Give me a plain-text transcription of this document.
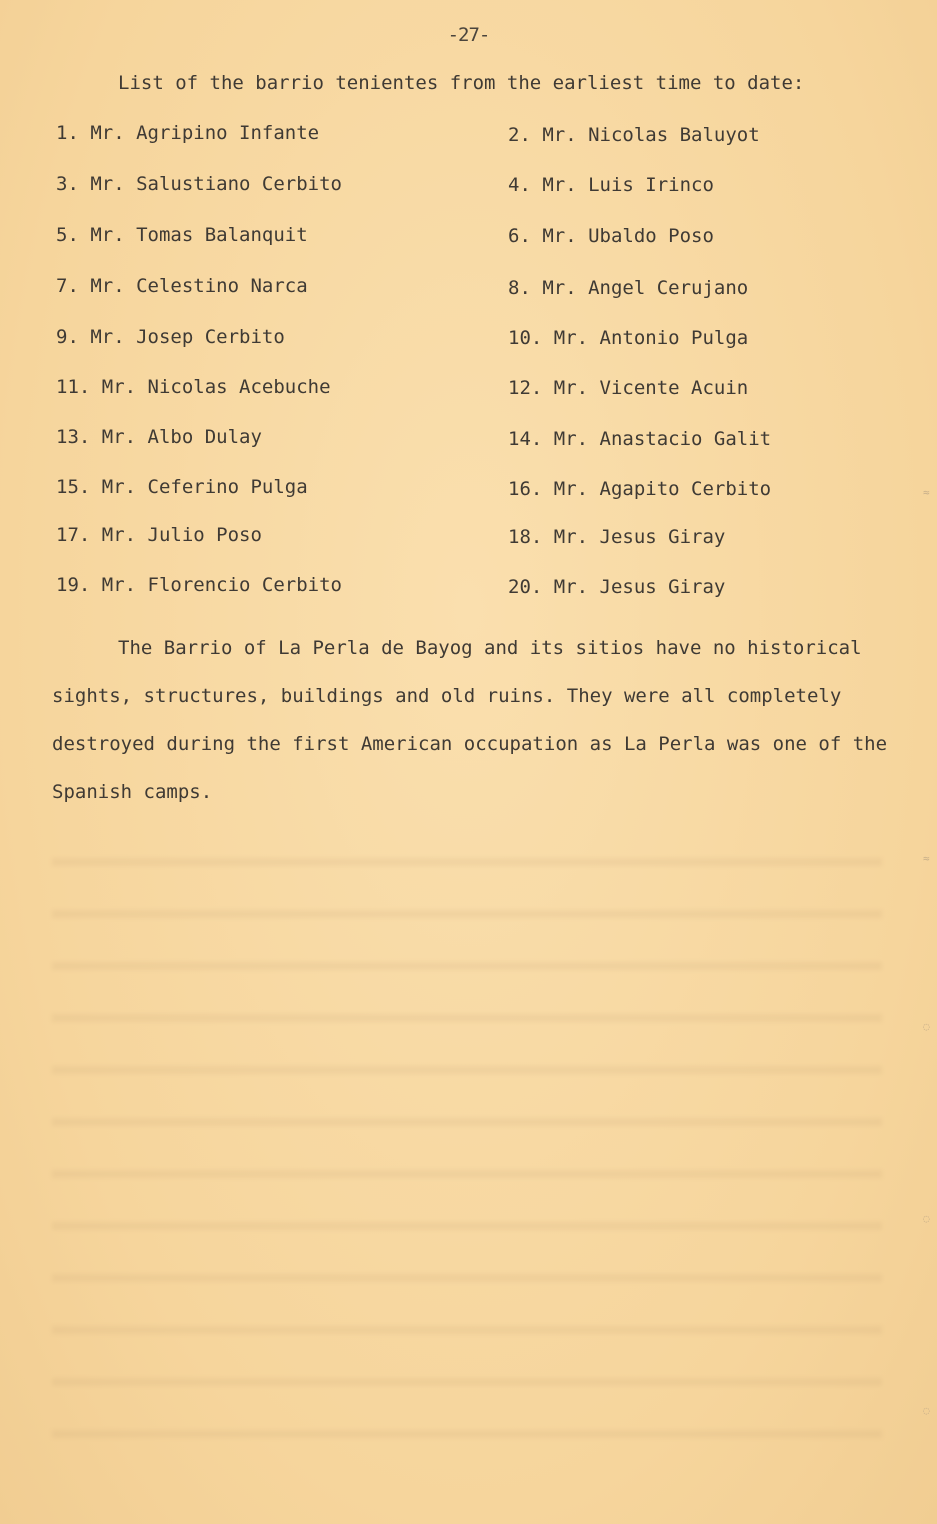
-27-
List of the barrio tenientes from the earliest time to date:
1. Mr. Agripino Infante	2. Mr. Nicolas Baluyot
3. Mr. Salustiano Cerbito	4. Mr. Luis Irinco
5. Mr. Tomas Balanquit	6. Mr. Ubaldo Poso
7. Mr. Celestino Narca	8. Mr. Angel Cerujano
9. Mr. Josep Cerbito	10. Mr. Antonio Pulga
11. Mr. Nicolas Acebuche	12. Mr. Vicente Acuin
13. Mr. Albo Dulay	14. Mr. Anastacio Galit
15. Mr. Ceferino Pulga	16. Mr. Agapito Cerbito
17. Mr. Julio Poso	18. Mr. Jesus Giray
19. Mr. Florencio Cerbito	20. Mr. Jesus Giray

The Barrio of La Perla de Bayog and its sitios have no historical sights, structures, buildings and old ruins. They were all completely destroyed during the first American occupation as La Perla was one of the Spanish camps.

≈
≈
◌
◌
◌
